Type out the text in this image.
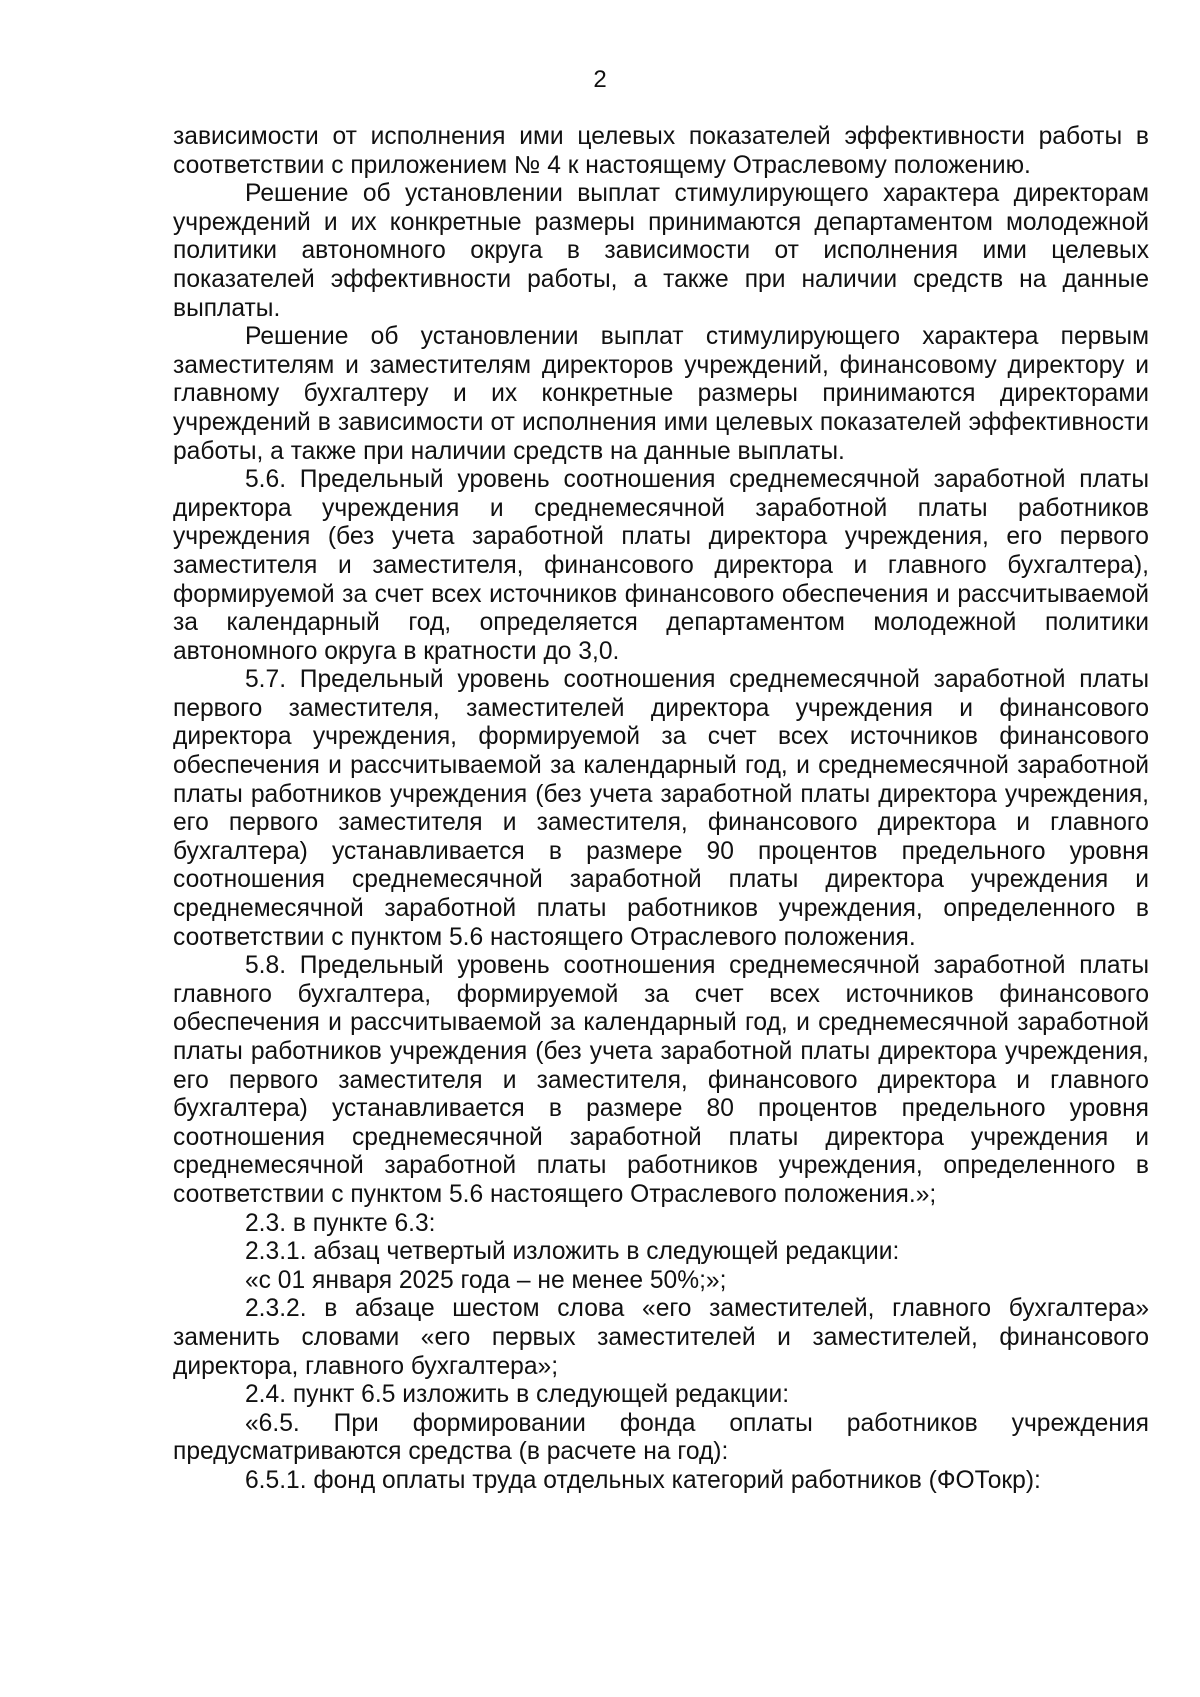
2

зависимости от исполнения ими целевых показателей эффективности работы в соответствии с приложением № 4 к настоящему Отраслевому положению.

Решение об установлении выплат стимулирующего характера директорам учреждений и их конкретные размеры принимаются департаментом молодежной политики автономного округа в зависимости от исполнения ими целевых показателей эффективности работы, а также при наличии средств на данные выплаты.

Решение об установлении выплат стимулирующего характера первым заместителям и заместителям директоров учреждений, финансовому директору и главному бухгалтеру и их конкретные размеры принимаются директорами учреждений в зависимости от исполнения ими целевых показателей эффективности работы, а также при наличии средств на данные выплаты.

5.6. Предельный уровень соотношения среднемесячной заработной платы директора учреждения и среднемесячной заработной платы работников учреждения (без учета заработной платы директора учреждения, его первого заместителя и заместителя, финансового директора и главного бухгалтера), формируемой за счет всех источников финансового обеспечения и рассчитываемой за календарный год, определяется департаментом молодежной политики автономного округа в кратности до 3,0.

5.7. Предельный уровень соотношения среднемесячной заработной платы первого заместителя, заместителей директора учреждения и финансового директора учреждения, формируемой за счет всех источников финансового обеспечения и рассчитываемой за календарный год, и среднемесячной заработной платы работников учреждения (без учета заработной платы директора учреждения, его первого заместителя и заместителя, финансового директора и главного бухгалтера) устанавливается в размере 90 процентов предельного уровня соотношения среднемесячной заработной платы директора учреждения и среднемесячной заработной платы работников учреждения, определенного в соответствии с пунктом 5.6 настоящего Отраслевого положения.

5.8. Предельный уровень соотношения среднемесячной заработной платы главного бухгалтера, формируемой за счет всех источников финансового обеспечения и рассчитываемой за календарный год, и среднемесячной заработной платы работников учреждения (без учета заработной платы директора учреждения, его первого заместителя и заместителя, финансового директора и главного бухгалтера) устанавливается в размере 80 процентов предельного уровня соотношения среднемесячной заработной платы директора учреждения и среднемесячной заработной платы работников учреждения, определенного в соответствии с пунктом 5.6 настоящего Отраслевого положения.»;

2.3. в пункте 6.3:

2.3.1. абзац четвертый изложить в следующей редакции:

«с 01 января 2025 года – не менее 50%;»;

2.3.2. в абзаце шестом слова «его заместителей, главного бухгалтера» заменить словами «его первых заместителей и заместителей, финансового директора, главного бухгалтера»;

2.4. пункт 6.5 изложить в следующей редакции:

«6.5. При формировании фонда оплаты работников учреждения предусматриваются средства (в расчете на год):

6.5.1. фонд оплаты труда отдельных категорий работников (ФОТокр):
